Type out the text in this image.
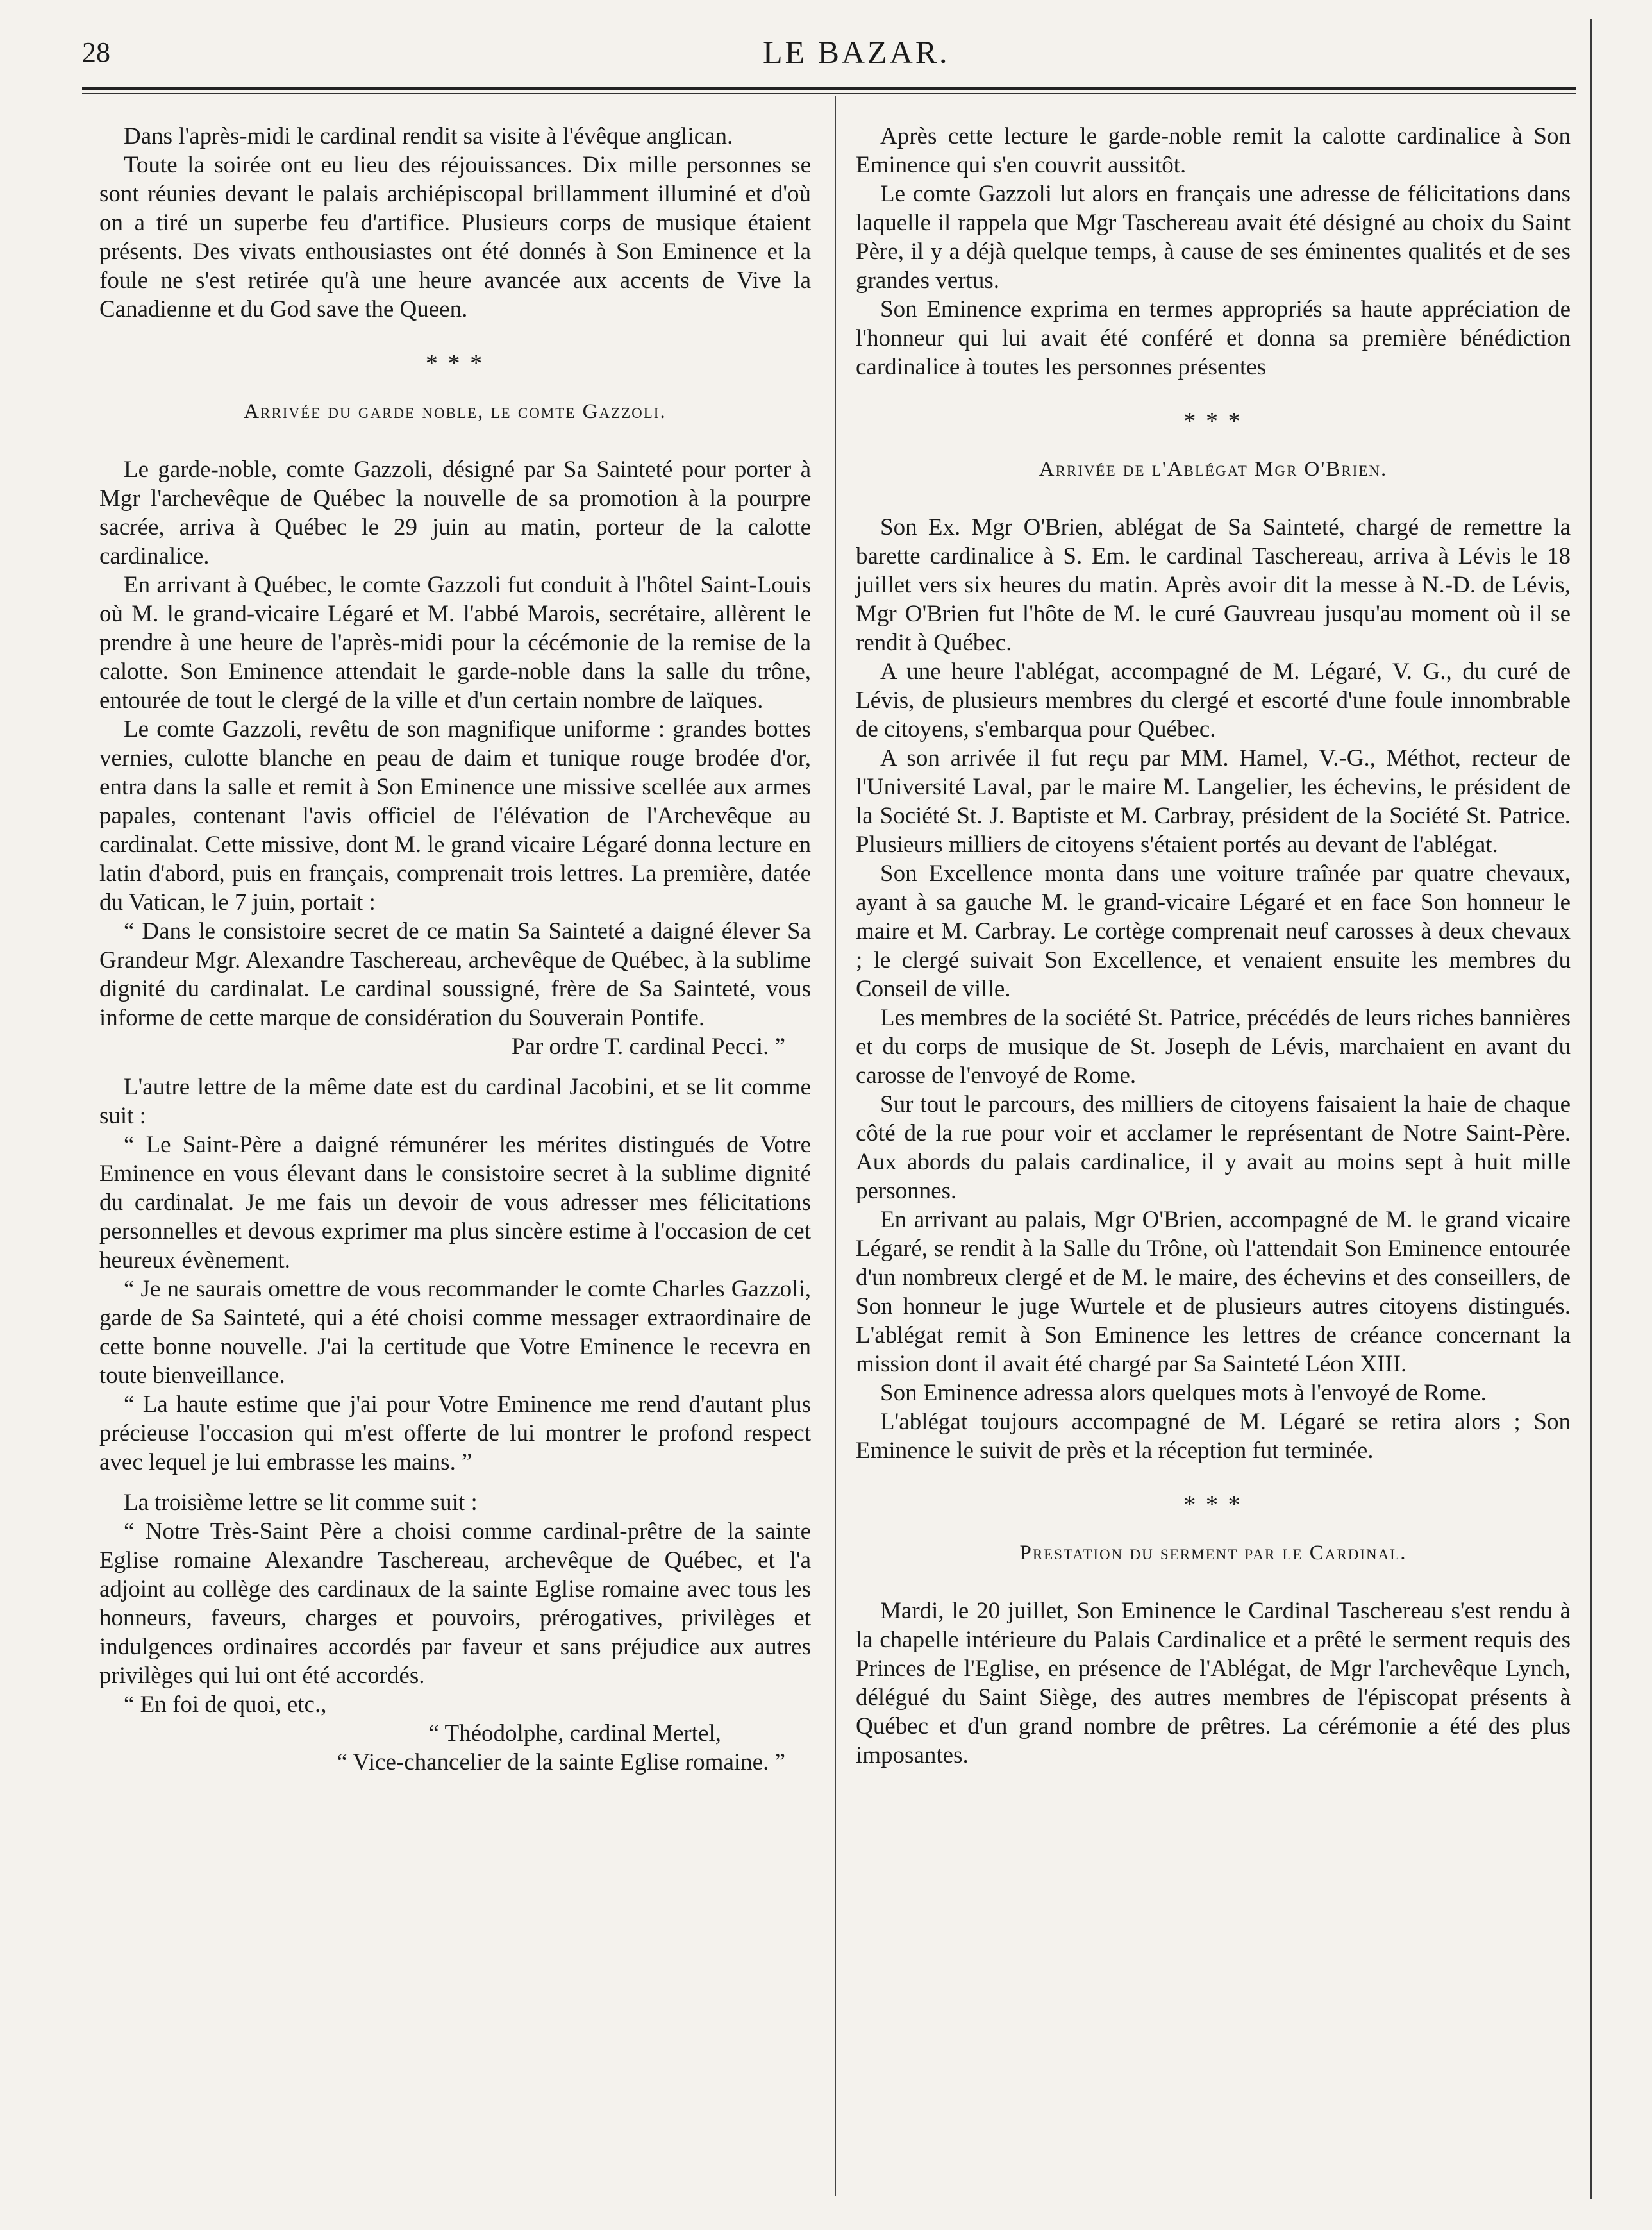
28	LE BAZAR.

Dans l'après-midi le cardinal rendit sa visite à l'évêque anglican.

Toute la soirée ont eu lieu des réjouissances. Dix mille personnes se sont réunies devant le palais archiépiscopal brillamment illuminé et d'où on a tiré un superbe feu d'artifice. Plusieurs corps de musique étaient présents. Des vivats enthousiastes ont été donnés à Son Eminence et la foule ne s'est retirée qu'à une heure avancée aux accents de Vive la Canadienne et du God save the Queen.

* * *
Arrivée du garde noble, le comte Gazzoli.

Le garde-noble, comte Gazzoli, désigné par Sa Sainteté pour porter à Mgr l'archevêque de Québec la nouvelle de sa promotion à la pourpre sacrée, arriva à Québec le 29 juin au matin, porteur de la calotte cardinalice.

En arrivant à Québec, le comte Gazzoli fut conduit à l'hôtel Saint-Louis où M. le grand-vicaire Légaré et M. l'abbé Marois, secrétaire, allèrent le prendre à une heure de l'après-midi pour la cécémonie de la remise de la calotte. Son Eminence attendait le garde-noble dans la salle du trône, entourée de tout le clergé de la ville et d'un certain nombre de laïques.

Le comte Gazzoli, revêtu de son magnifique uniforme : grandes bottes vernies, culotte blanche en peau de daim et tunique rouge brodée d'or, entra dans la salle et remit à Son Eminence une missive scellée aux armes papales, contenant l'avis officiel de l'élévation de l'Archevêque au cardinalat. Cette missive, dont M. le grand vicaire Légaré donna lecture en latin d'abord, puis en français, comprenait trois lettres. La première, datée du Vatican, le 7 juin, portait :

“ Dans le consistoire secret de ce matin Sa Sainteté a daigné élever Sa Grandeur Mgr. Alexandre Taschereau, archevêque de Québec, à la sublime dignité du cardinalat. Le cardinal soussigné, frère de Sa Sainteté, vous informe de cette marque de considération du Souverain Pontife.

Par ordre T. cardinal Pecci. ”

L'autre lettre de la même date est du cardinal Jacobini, et se lit comme suit :

“ Le Saint-Père a daigné rémunérer les mérites distingués de Votre Eminence en vous élevant dans le consistoire secret à la sublime dignité du cardinalat. Je me fais un devoir de vous adresser mes félicitations personnelles et devous exprimer ma plus sincère estime à l'occasion de cet heureux évènement.

“ Je ne saurais omettre de vous recommander le comte Charles Gazzoli, garde de Sa Sainteté, qui a été choisi comme messager extraordinaire de cette bonne nouvelle. J'ai la certitude que Votre Eminence le recevra en toute bienveillance.

“ La haute estime que j'ai pour Votre Eminence me rend d'autant plus précieuse l'occasion qui m'est offerte de lui montrer le profond respect avec lequel je lui embrasse les mains. ”

La troisième lettre se lit comme suit :

“ Notre Très-Saint Père a choisi comme cardinal-prêtre de la sainte Eglise romaine Alexandre Taschereau, archevêque de Québec, et l'a adjoint au collège des cardinaux de la sainte Eglise romaine avec tous les honneurs, faveurs, charges et pouvoirs, prérogatives, privilèges et indulgences ordinaires accordés par faveur et sans préjudice aux autres privilèges qui lui ont été accordés.

“ En foi de quoi, etc.,

“ Théodolphe, cardinal Mertel,

“ Vice-chancelier de la sainte Eglise romaine. ”

Après cette lecture le garde-noble remit la calotte cardinalice à Son Eminence qui s'en couvrit aussitôt.

Le comte Gazzoli lut alors en français une adresse de félicitations dans laquelle il rappela que Mgr Taschereau avait été désigné au choix du Saint Père, il y a déjà quelque temps, à cause de ses éminentes qualités et de ses grandes vertus.

Son Eminence exprima en termes appropriés sa haute appréciation de l'honneur qui lui avait été conféré et donna sa première bénédiction cardinalice à toutes les personnes présentes

* * *
Arrivée de l'Ablégat Mgr O'Brien.

Son Ex. Mgr O'Brien, ablégat de Sa Sainteté, chargé de remettre la barette cardinalice à S. Em. le cardinal Taschereau, arriva à Lévis le 18 juillet vers six heures du matin. Après avoir dit la messe à N.-D. de Lévis, Mgr O'Brien fut l'hôte de M. le curé Gauvreau jusqu'au moment où il se rendit à Québec.

A une heure l'ablégat, accompagné de M. Légaré, V. G., du curé de Lévis, de plusieurs membres du clergé et escorté d'une foule innombrable de citoyens, s'embarqua pour Québec.

A son arrivée il fut reçu par MM. Hamel, V.-G., Méthot, recteur de l'Université Laval, par le maire M. Langelier, les échevins, le président de la Société St. J. Baptiste et M. Carbray, président de la Société St. Patrice. Plusieurs milliers de citoyens s'étaient portés au devant de l'ablégat.

Son Excellence monta dans une voiture traînée par quatre chevaux, ayant à sa gauche M. le grand-vicaire Légaré et en face Son honneur le maire et M. Carbray. Le cortège comprenait neuf carosses à deux chevaux ; le clergé suivait Son Excellence, et venaient ensuite les membres du Conseil de ville.

Les membres de la société St. Patrice, précédés de leurs riches bannières et du corps de musique de St. Joseph de Lévis, marchaient en avant du carosse de l'envoyé de Rome.

Sur tout le parcours, des milliers de citoyens faisaient la haie de chaque côté de la rue pour voir et acclamer le représentant de Notre Saint-Père. Aux abords du palais cardinalice, il y avait au moins sept à huit mille personnes.

En arrivant au palais, Mgr O'Brien, accompagné de M. le grand vicaire Légaré, se rendit à la Salle du Trône, où l'attendait Son Eminence entourée d'un nombreux clergé et de M. le maire, des échevins et des conseillers, de Son honneur le juge Wurtele et de plusieurs autres citoyens distingués. L'ablégat remit à Son Eminence les lettres de créance concernant la mission dont il avait été chargé par Sa Sainteté Léon XIII.

Son Eminence adressa alors quelques mots à l'envoyé de Rome.

L'ablégat toujours accompagné de M. Légaré se retira alors ; Son Eminence le suivit de près et la réception fut terminée.

* * *
Prestation du serment par le Cardinal.

Mardi, le 20 juillet, Son Eminence le Cardinal Taschereau s'est rendu à la chapelle intérieure du Palais Cardinalice et a prêté le serment requis des Princes de l'Eglise, en présence de l'Ablégat, de Mgr l'archevêque Lynch, délégué du Saint Siège, des autres membres de l'épiscopat présents à Québec et d'un grand nombre de prêtres. La cérémonie a été des plus imposantes.
